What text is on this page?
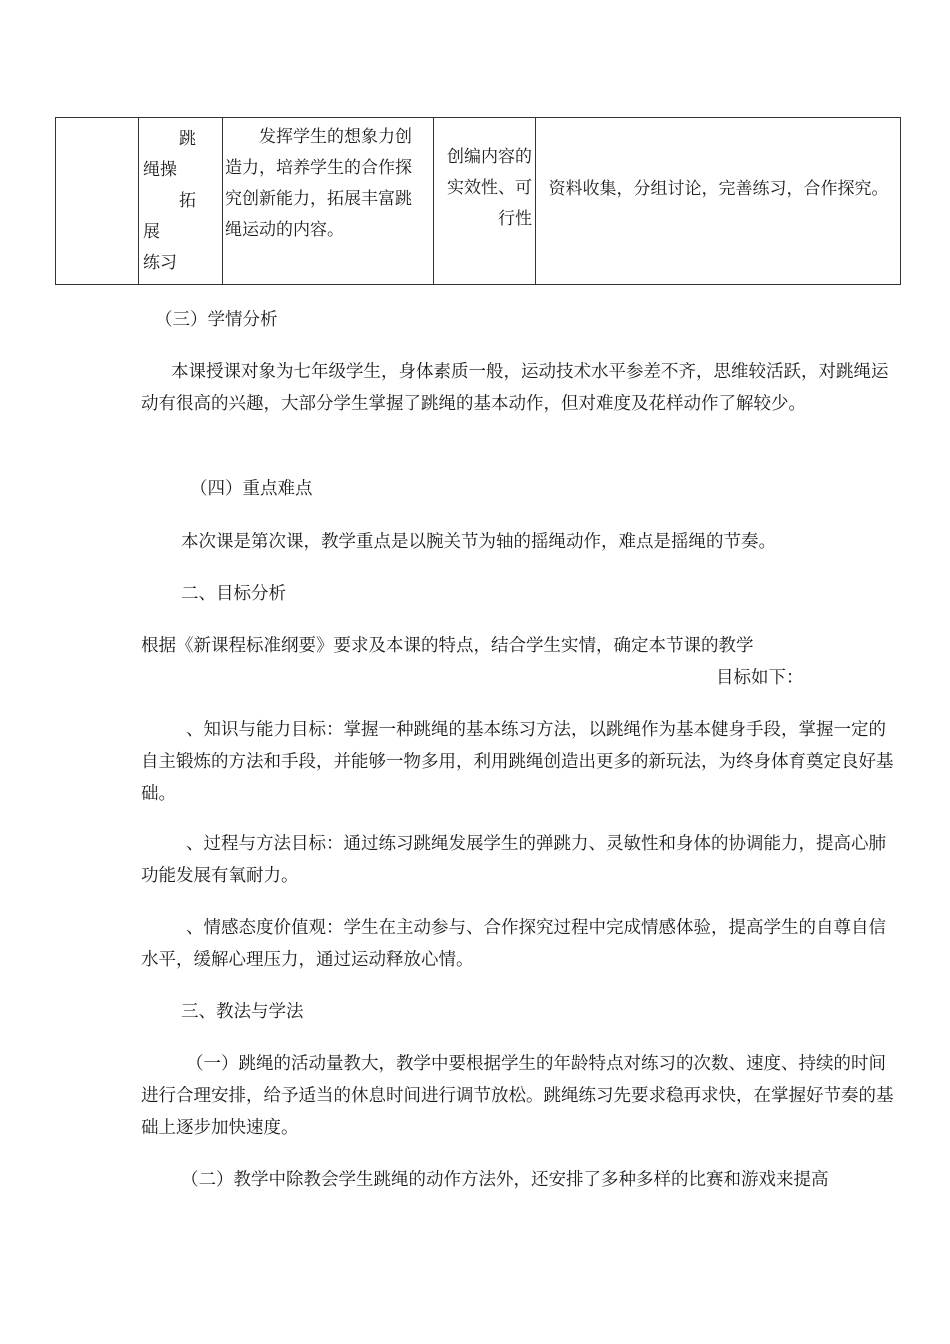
跳
绳操
拓
展
练习
发挥学生的想象力创造力，培养学生的合作探究创新能力，拓展丰富跳绳运动的内容。
创编内容的实效性、可行性
资料收集，分组讨论，完善练习，合作探究。

（三）学情分析

本课授课对象为七年级学生，身体素质一般，运动技术水平参差不齐，思维较活跃，对跳绳运动有很高的兴趣，大部分学生掌握了跳绳的基本动作，但对难度及花样动作了解较少。

（四）重点难点

本次课是第次课，教学重点是以腕关节为轴的摇绳动作，难点是摇绳的节奏。

二、目标分析

根据《新课程标准纲要》要求及本课的特点，结合学生实情，确定本节课的教学

目标如下：

、知识与能力目标：掌握一种跳绳的基本练习方法，以跳绳作为基本健身手段，掌握一定的自主锻炼的方法和手段，并能够一物多用，利用跳绳创造出更多的新玩法，为终身体育奠定良好基础。

、过程与方法目标：通过练习跳绳发展学生的弹跳力、灵敏性和身体的协调能力，提高心肺功能发展有氧耐力。

、情感态度价值观：学生在主动参与、合作探究过程中完成情感体验，提高学生的自尊自信水平，缓解心理压力，通过运动释放心情。

三、教法与学法

（一）跳绳的活动量教大，教学中要根据学生的年龄特点对练习的次数、速度、持续的时间进行合理安排，给予适当的休息时间进行调节放松。跳绳练习先要求稳再求快，在掌握好节奏的基础上逐步加快速度。

（二）教学中除教会学生跳绳的动作方法外，还安排了多种多样的比赛和游戏来提高
